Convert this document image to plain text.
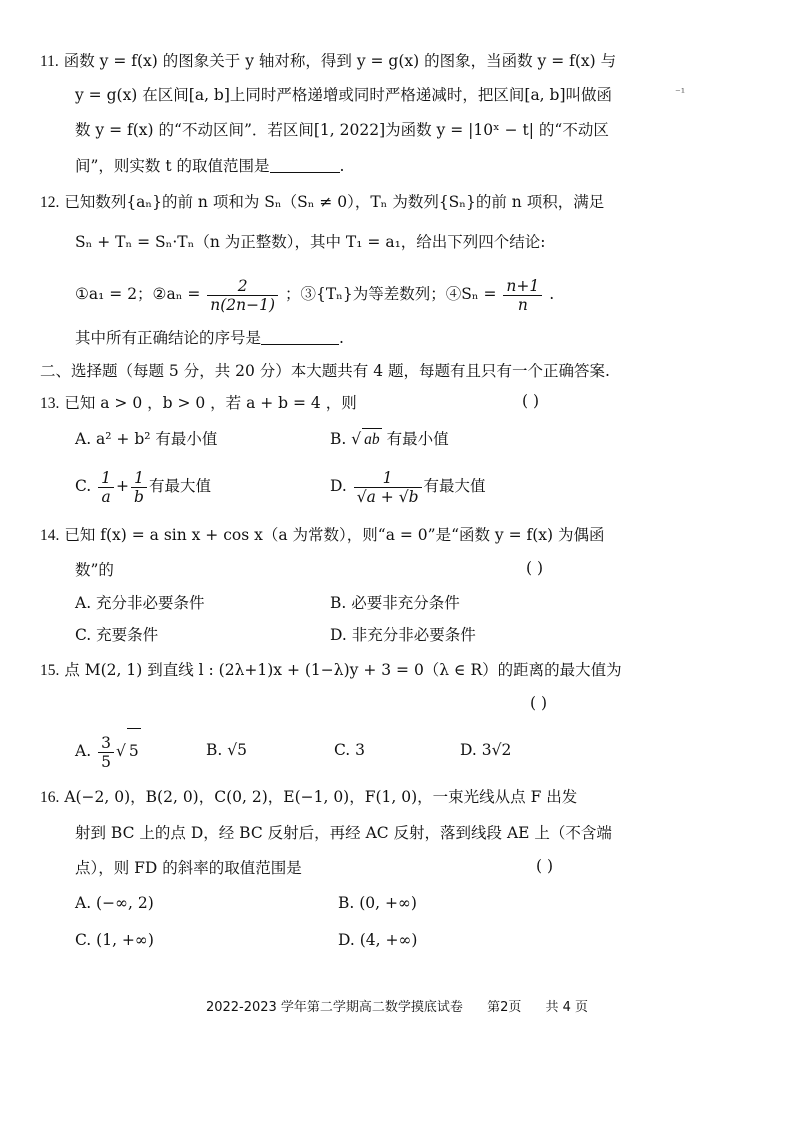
11. 函数 y = f(x) 的图象关于 y 轴对称，得到 y = g(x) 的图象，当函数 y = f(x) 与
y = g(x) 在区间[a, b]上同时严格递增或同时严格递减时，把区间[a, b]叫做函	⁻¹
数 y = f(x) 的“不动区间”．若区间[1, 2022]为函数 y = |10ˣ − t| 的“不动区
间”，则实数 t 的取值范围是	.
12. 已知数列{aₙ}的前 n 项和为 Sₙ（Sₙ ≠ 0），Tₙ 为数列{Sₙ}的前 n 项积，满足
Sₙ + Tₙ = Sₙ·Tₙ（n 为正整数），其中 T₁ = a₁，给出下列四个结论:
①a₁ = 2；②aₙ = $\frac{2}{n(2n-1)}$ ；③{Tₙ}为等差数列；④Sₙ = $\frac{n+1}{n}$ .
其中所有正确结论的序号是	.
二、选择题（每题 5 分，共 20 分）本大题共有 4 题，每题有且只有一个正确答案.
13. 已知 a > 0 ，b > 0 ，若 a + b = 4 ，则	( )
A. a² + b² 有最小值	B. √ ab 有最小值
C. $\frac{1}{a} + \frac{1}{b}$ 有最大值	D. $\frac{1}{√a + √b}$ 有最大值
14. 已知 f(x) = a sin x + cos x（a 为常数），则“a = 0”是“函数 y = f(x) 为偶函
数”的	( )
A. 充分非必要条件	B. 必要非充分条件
C. 充要条件	D. 非充分非必要条件
15. 点 M(2, 1) 到直线 l : (2λ+1)x + (1−λ)y + 3 = 0（λ ∈ R）的距离的最大值为
( )
A. $\frac{3}{5}$ √ 5	B. √5	C. 3	D. 3√2
16. A(−2, 0)，B(2, 0)，C(0, 2)，E(−1, 0)，F(1, 0)，一束光线从点 F 出发
射到 BC 上的点 D，经 BC 反射后，再经 AC 反射，落到线段 AE 上（不含端
点），则 FD 的斜率的取值范围是	( )
A. (−∞, 2)	B. (0, +∞)
C. (1, +∞)	D. (4, +∞)
2022-2023 学年第二学期高二数学摸底试卷 第2页 共 4 页
